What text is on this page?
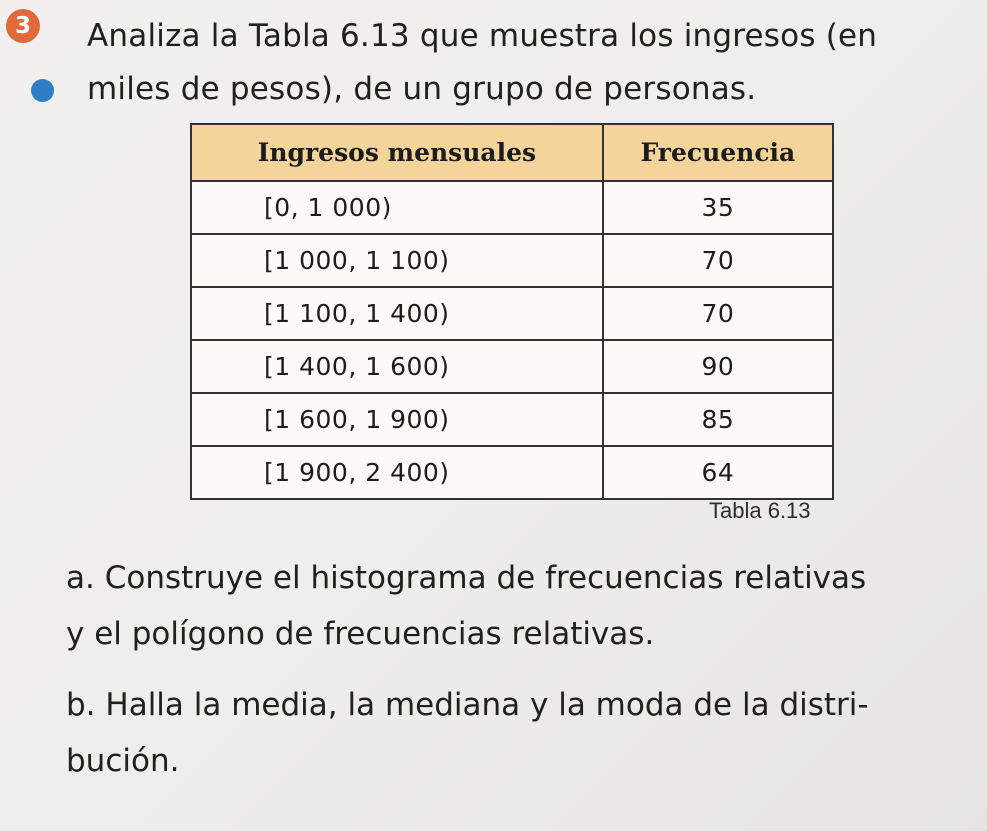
3 Analiza la Tabla 6.13 que muestra los ingresos (en
miles de pesos), de un grupo de personas.
Ingresos mensuales	Frecuencia
[0, 1 000)	35
[1 000, 1 100)	70
[1 100, 1 400)	70
[1 400, 1 600)	90
[1 600, 1 900)	85
[1 900, 2 400)	64
Tabla 6.13
a. Construye el histograma de frecuencias relativas
y el polígono de frecuencias relativas.
b. Halla la media, la mediana y la moda de la distri-
bución.
